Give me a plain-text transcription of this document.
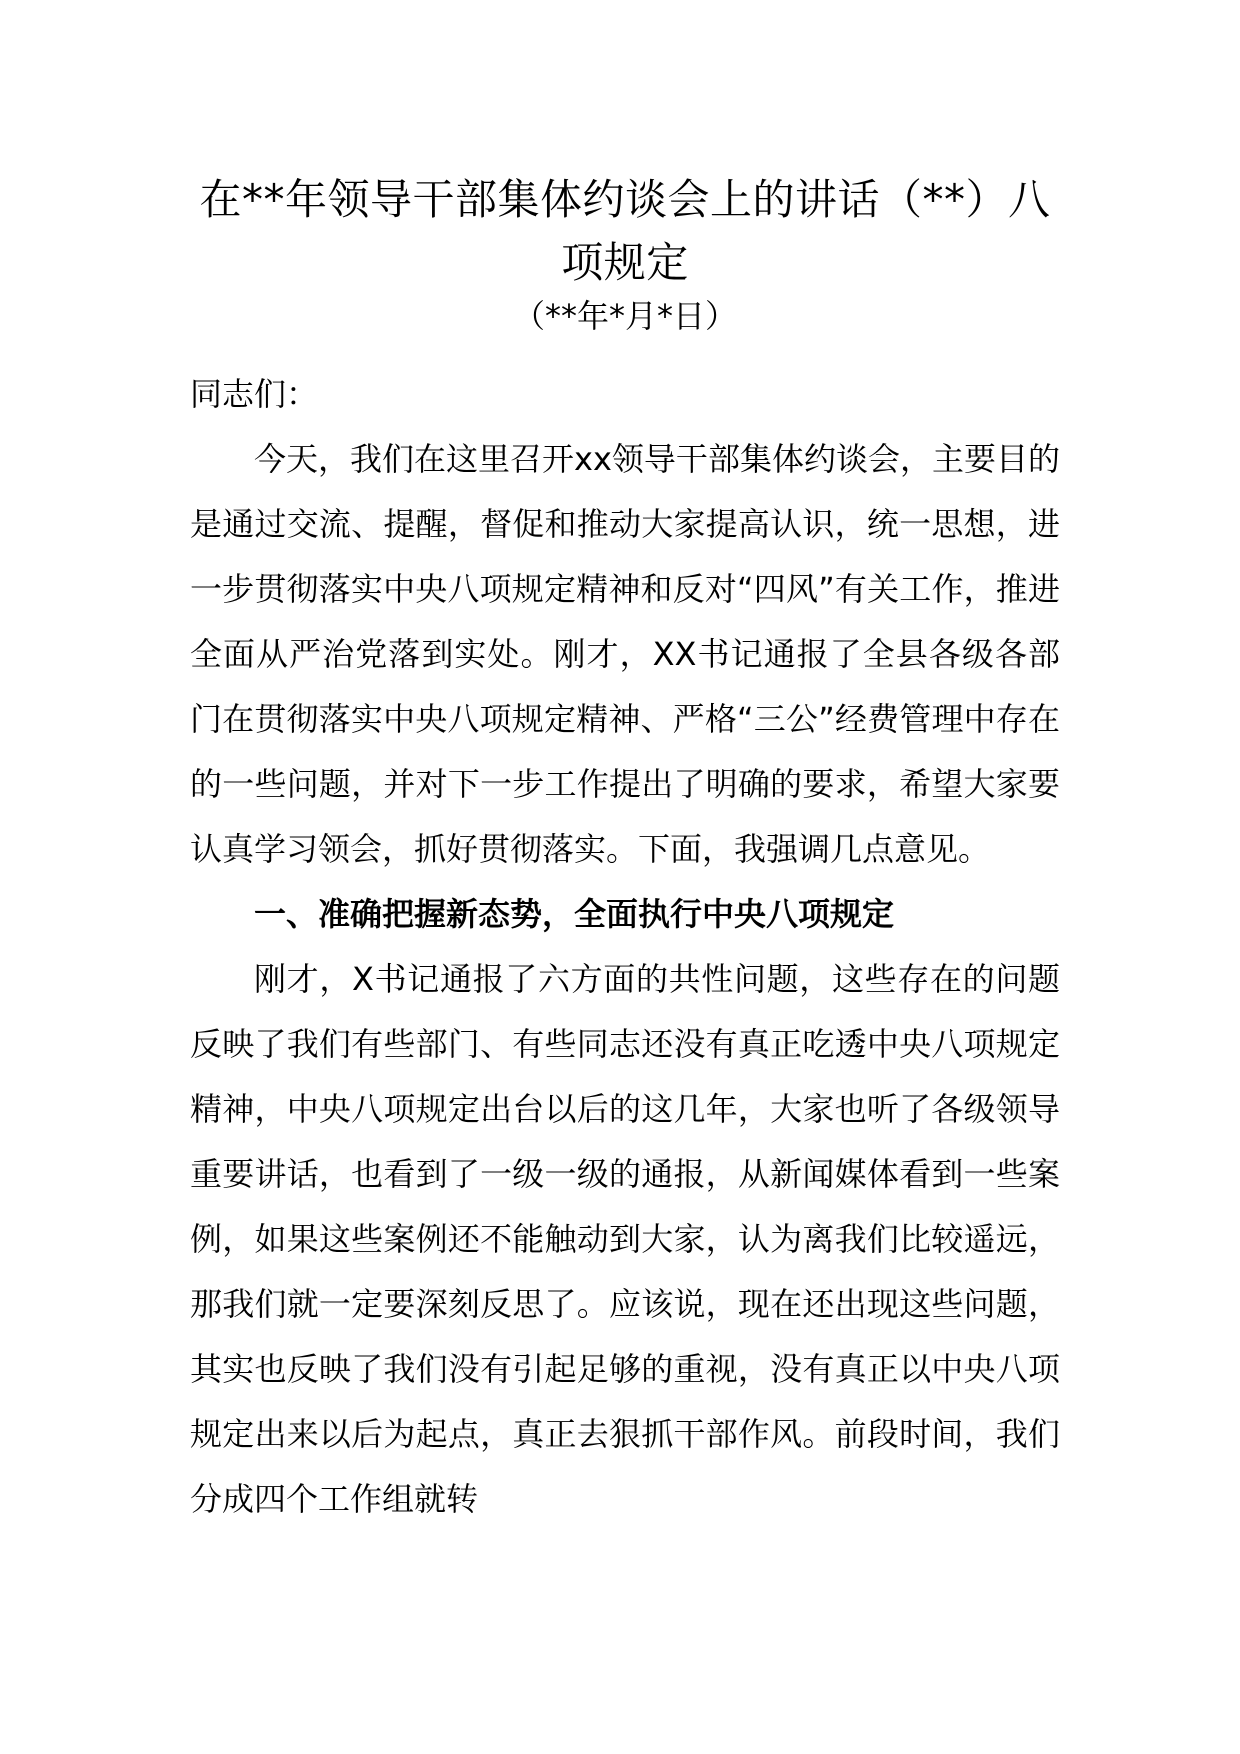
在**年领导干部集体约谈会上的讲话（**）八项规定
（**年*月*日）

同志们：

今天，我们在这里召开xx领导干部集体约谈会，主要目的是通过交流、提醒，督促和推动大家提高认识，统一思想，进一步贯彻落实中央八项规定精神和反对“四风”有关工作，推进全面从严治党落到实处。刚才，XX书记通报了全县各级各部门在贯彻落实中央八项规定精神、严格“三公”经费管理中存在的一些问题，并对下一步工作提出了明确的要求，希望大家要认真学习领会，抓好贯彻落实。下面，我强调几点意见。

一、准确把握新态势，全面执行中央八项规定

刚才，X书记通报了六方面的共性问题，这些存在的问题反映了我们有些部门、有些同志还没有真正吃透中央八项规定精神，中央八项规定出台以后的这几年，大家也听了各级领导重要讲话，也看到了一级一级的通报，从新闻媒体看到一些案例，如果这些案例还不能触动到大家，认为离我们比较遥远，那我们就一定要深刻反思了。应该说，现在还出现这些问题，其实也反映了我们没有引起足够的重视，没有真正以中央八项规定出来以后为起点，真正去狠抓干部作风。前段时间，我们分成四个工作组就转
